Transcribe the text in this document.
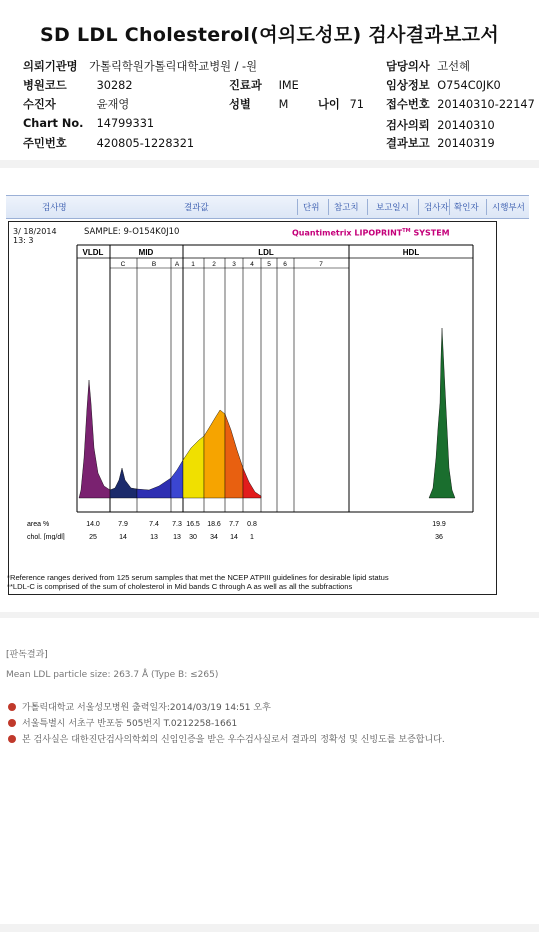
SD LDL Cholesterol(여의도성모) 검사결과보고서
의뢰기관명 가톨릭학원가톨릭대학교병원 / -원	담당의사 고선혜
병원코드	30282	진료과 IME	임상정보 O754C0JK0
수진자	윤재영	성별 M	나이 71 접수번호 20140310-22147
Chart No. 14799331	검사의뢰 20140310
주민번호	420805-1228321	결과보고 20140319
검사명	결과값	단위 참고치 보고일시 검사자 확인자 시행부서
3/ 18/2014
13: 3
SAMPLE: 9-O154K0J10	Quantimetrix LIPOPRINT™ SYSTEM
VLDL	MID	LDL	HDL
C	B	A 1	2	3 4 5 6	7
area %	14.0	7.9	7.4 7.3 16.5 18.6 7.7 0.8	19.9
chol. [mg/dl]	25	14	13 13 30 34 14 1	36
*Reference ranges derived from 125 serum samples that met the NCEP ATPIII guidelines for desirable lipid status
**LDL-C is comprised of the sum of cholesterol in Mid bands C through A as well as all the subfractions
[판독결과]
Mean LDL particle size: 263.7 Å (Type B: ≤265)
가톨릭대학교 서울성모병원 출력일자:2014/03/19 14:51 오후
서울특별시 서초구 반포동 505번지 T.0212258-1661
본 검사실은 대한진단검사의학회의 신임인증을 받은 우수검사실로서 결과의 정확성 및 신빙도를 보증합니다.
